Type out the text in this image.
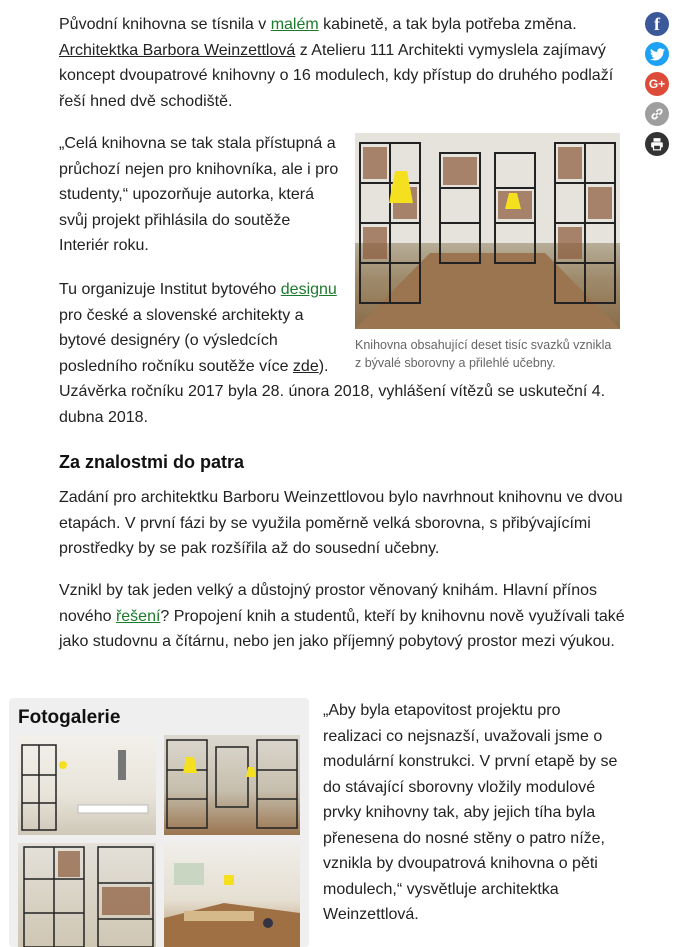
f
G+

Původní knihovna se tísnila v malém kabinetě, a tak byla potřeba změna. Architektka Barbora Weinzettlová z Atelieru 111 Architekti vymyslela zajímavý koncept dvoupatrové knihovny o 16 modulech, kdy přístup do druhého podlaží řeší hned dvě schodiště.

Knihovna obsahující deset tisíc svazků vznikla z bývalé sborovny a přilehlé učebny.

„Celá knihovna se tak stala přístupná a průchozí nejen pro knihovníka, ale i pro studenty,“ upozorňuje autorka, která svůj projekt přihlásila do soutěže Interiér roku.

Tu organizuje Institut bytového designu pro české a slovenské architekty a bytové designéry (o výsledcích posledního ročníku soutěže více zde).

Uzávěrka ročníku 2017 byla 28. února 2018, vyhlášení vítězů se uskuteční 4. dubna 2018.

Za znalostmi do patra

Zadání pro architektku Barboru Weinzettlovou bylo navrhnout knihovnu ve dvou etapách. V první fázi by se využila poměrně velká sborovna, s přibývajícími prostředky by se pak rozšířila až do sousední učebny.

Vznikl by tak jeden velký a důstojný prostor věnovaný knihám. Hlavní přínos nového řešení? Propojení knih a studentů, kteří by knihovnu nově využívali také jako studovnu a čítárnu, nebo jen jako příjemný pobytový prostor mezi výukou.

Fotogalerie	„Aby byla etapovitost projektu pro realizaci co nejsnazší, uvažovali jsme o modulární konstrukci. V první etapě by se do stávající sborovny vložily modulové prvky knihovny tak, aby jejich tíha byla přenesena do nosné stěny o patro níže, vznikla by dvoupatrová knihovna o pěti modulech,“ vysvětluje architektka Weinzettlová.
